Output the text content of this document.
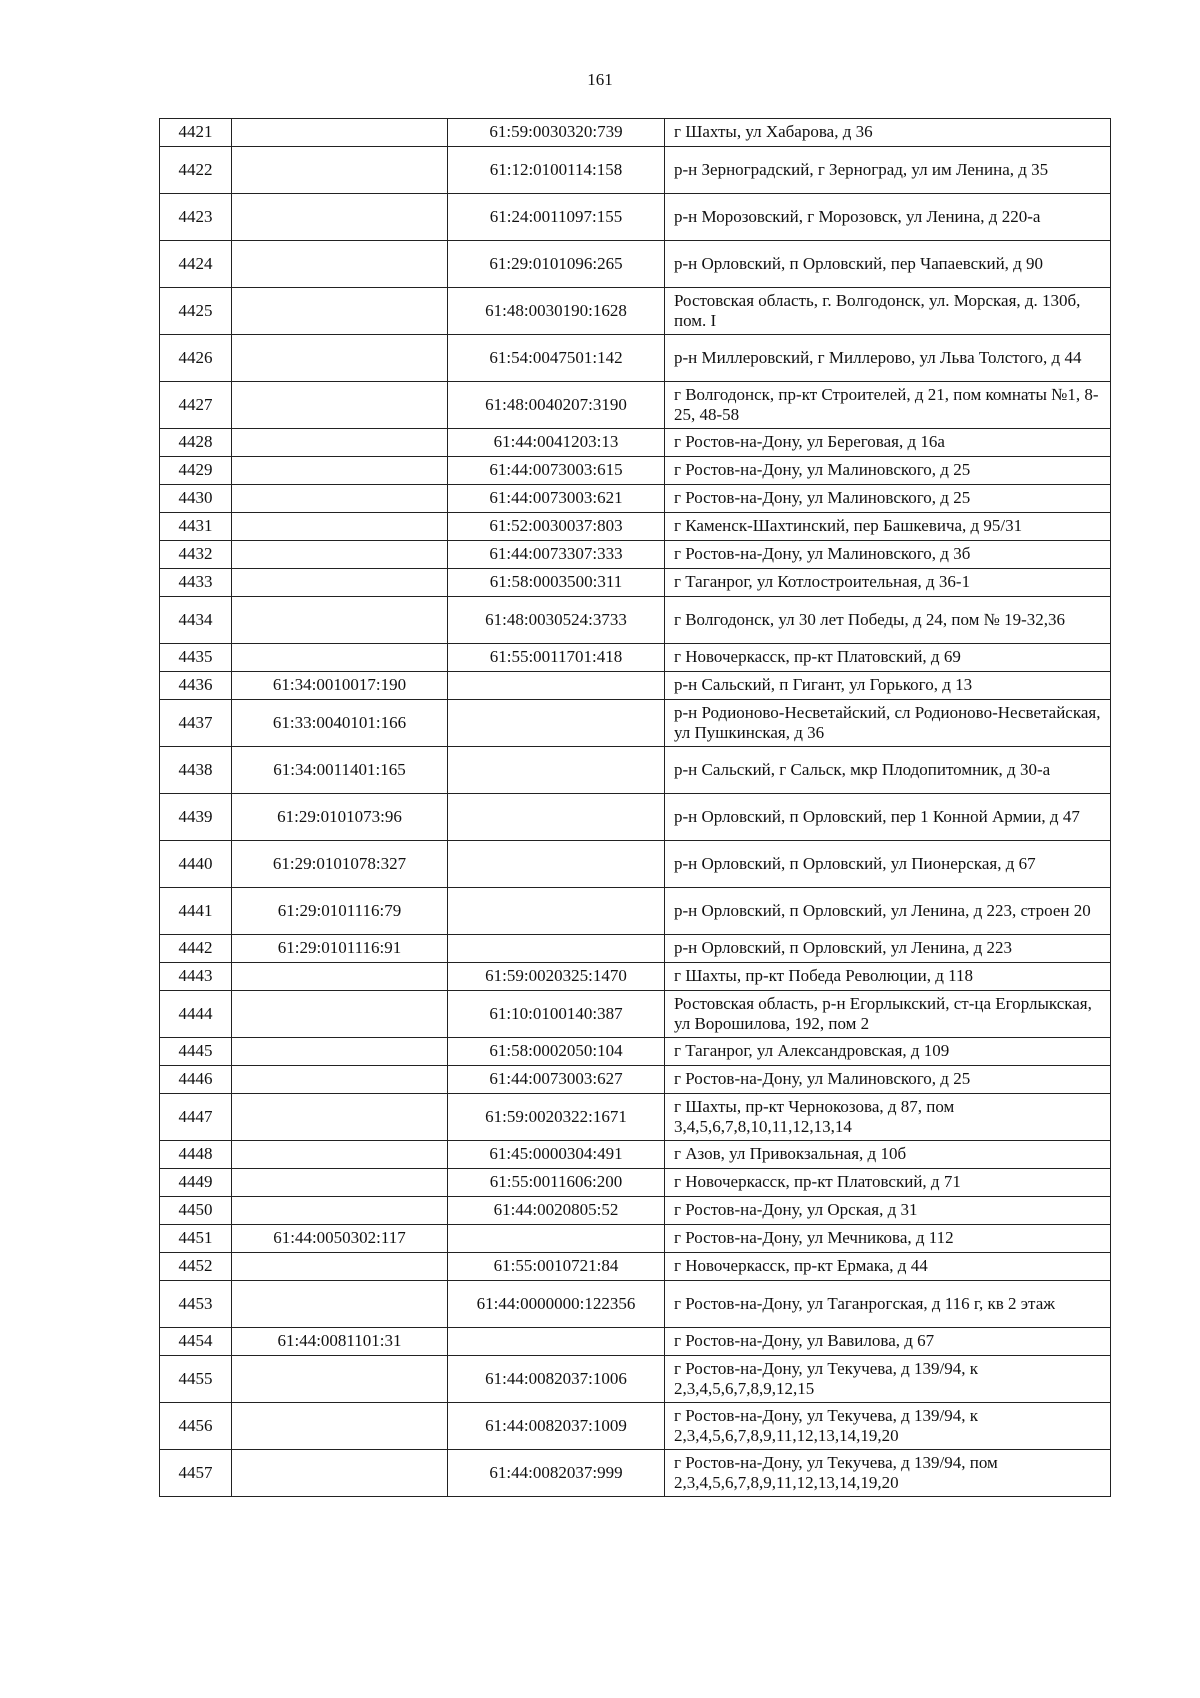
161
4421		61:59:0030320:739	г Шахты, ул Хабарова, д 36
4422		61:12:0100114:158	р-н Зерноградский, г Зерноград, ул им Ленина, д 35
4423		61:24:0011097:155	р-н Морозовский, г Морозовск, ул Ленина, д 220-а
4424		61:29:0101096:265	р-н Орловский, п Орловский, пер Чапаевский, д 90
4425		61:48:0030190:1628	Ростовская область, г. Волгодонск, ул. Морская, д. 130б, пом. I
4426		61:54:0047501:142	р-н Миллеровский, г Миллерово, ул Льва Толстого, д 44
4427		61:48:0040207:3190	г Волгодонск, пр-кт Строителей, д 21, пом комнаты №1, 8-25, 48-58
4428		61:44:0041203:13	г Ростов-на-Дону, ул Береговая, д 16а
4429		61:44:0073003:615	г Ростов-на-Дону, ул Малиновского, д 25
4430		61:44:0073003:621	г Ростов-на-Дону, ул Малиновского, д 25
4431		61:52:0030037:803	г Каменск-Шахтинский, пер Башкевича, д 95/31
4432		61:44:0073307:333	г Ростов-на-Дону, ул Малиновского, д 3б
4433		61:58:0003500:311	г Таганрог, ул Котлостроительная, д 36-1
4434		61:48:0030524:3733	г Волгодонск, ул 30 лет Победы, д 24, пом № 19-32,36
4435		61:55:0011701:418	г Новочеркасск, пр-кт Платовский, д 69
4436	61:34:0010017:190		р-н Сальский, п Гигант, ул Горького, д 13
4437	61:33:0040101:166		р-н Родионово-Несветайский, сл Родионово-Несветайская, ул Пушкинская, д 36
4438	61:34:0011401:165		р-н Сальский, г Сальск, мкр Плодопитомник, д 30-а
4439	61:29:0101073:96		р-н Орловский, п Орловский, пер 1 Конной Армии, д 47
4440	61:29:0101078:327		р-н Орловский, п Орловский, ул Пионерская, д 67
4441	61:29:0101116:79		р-н Орловский, п Орловский, ул Ленина, д 223, строен 20
4442	61:29:0101116:91		р-н Орловский, п Орловский, ул Ленина, д 223
4443		61:59:0020325:1470	г Шахты, пр-кт Победа Революции, д 118
4444		61:10:0100140:387	Ростовская область, р-н Егорлыкский, ст-ца Егорлыкская, ул Ворошилова, 192, пом 2
4445		61:58:0002050:104	г Таганрог, ул Александровская, д 109
4446		61:44:0073003:627	г Ростов-на-Дону, ул Малиновского, д 25
4447		61:59:0020322:1671	г Шахты, пр-кт Чернокозова, д 87, пом 3,4,5,6,7,8,10,11,12,13,14
4448		61:45:0000304:491	г Азов, ул Привокзальная, д 10б
4449		61:55:0011606:200	г Новочеркасск, пр-кт Платовский, д 71
4450		61:44:0020805:52	г Ростов-на-Дону, ул Орская, д 31
4451	61:44:0050302:117		г Ростов-на-Дону, ул Мечникова, д 112
4452		61:55:0010721:84	г Новочеркасск, пр-кт Ермака, д 44
4453		61:44:0000000:122356	г Ростов-на-Дону, ул Таганрогская, д 116 г, кв 2 этаж
4454	61:44:0081101:31		г Ростов-на-Дону, ул Вавилова, д 67
4455		61:44:0082037:1006	г Ростов-на-Дону, ул Текучева, д 139/94, к 2,3,4,5,6,7,8,9,12,15
4456		61:44:0082037:1009	г Ростов-на-Дону, ул Текучева, д 139/94, к 2,3,4,5,6,7,8,9,11,12,13,14,19,20
4457		61:44:0082037:999	г Ростов-на-Дону, ул Текучева, д 139/94, пом 2,3,4,5,6,7,8,9,11,12,13,14,19,20
